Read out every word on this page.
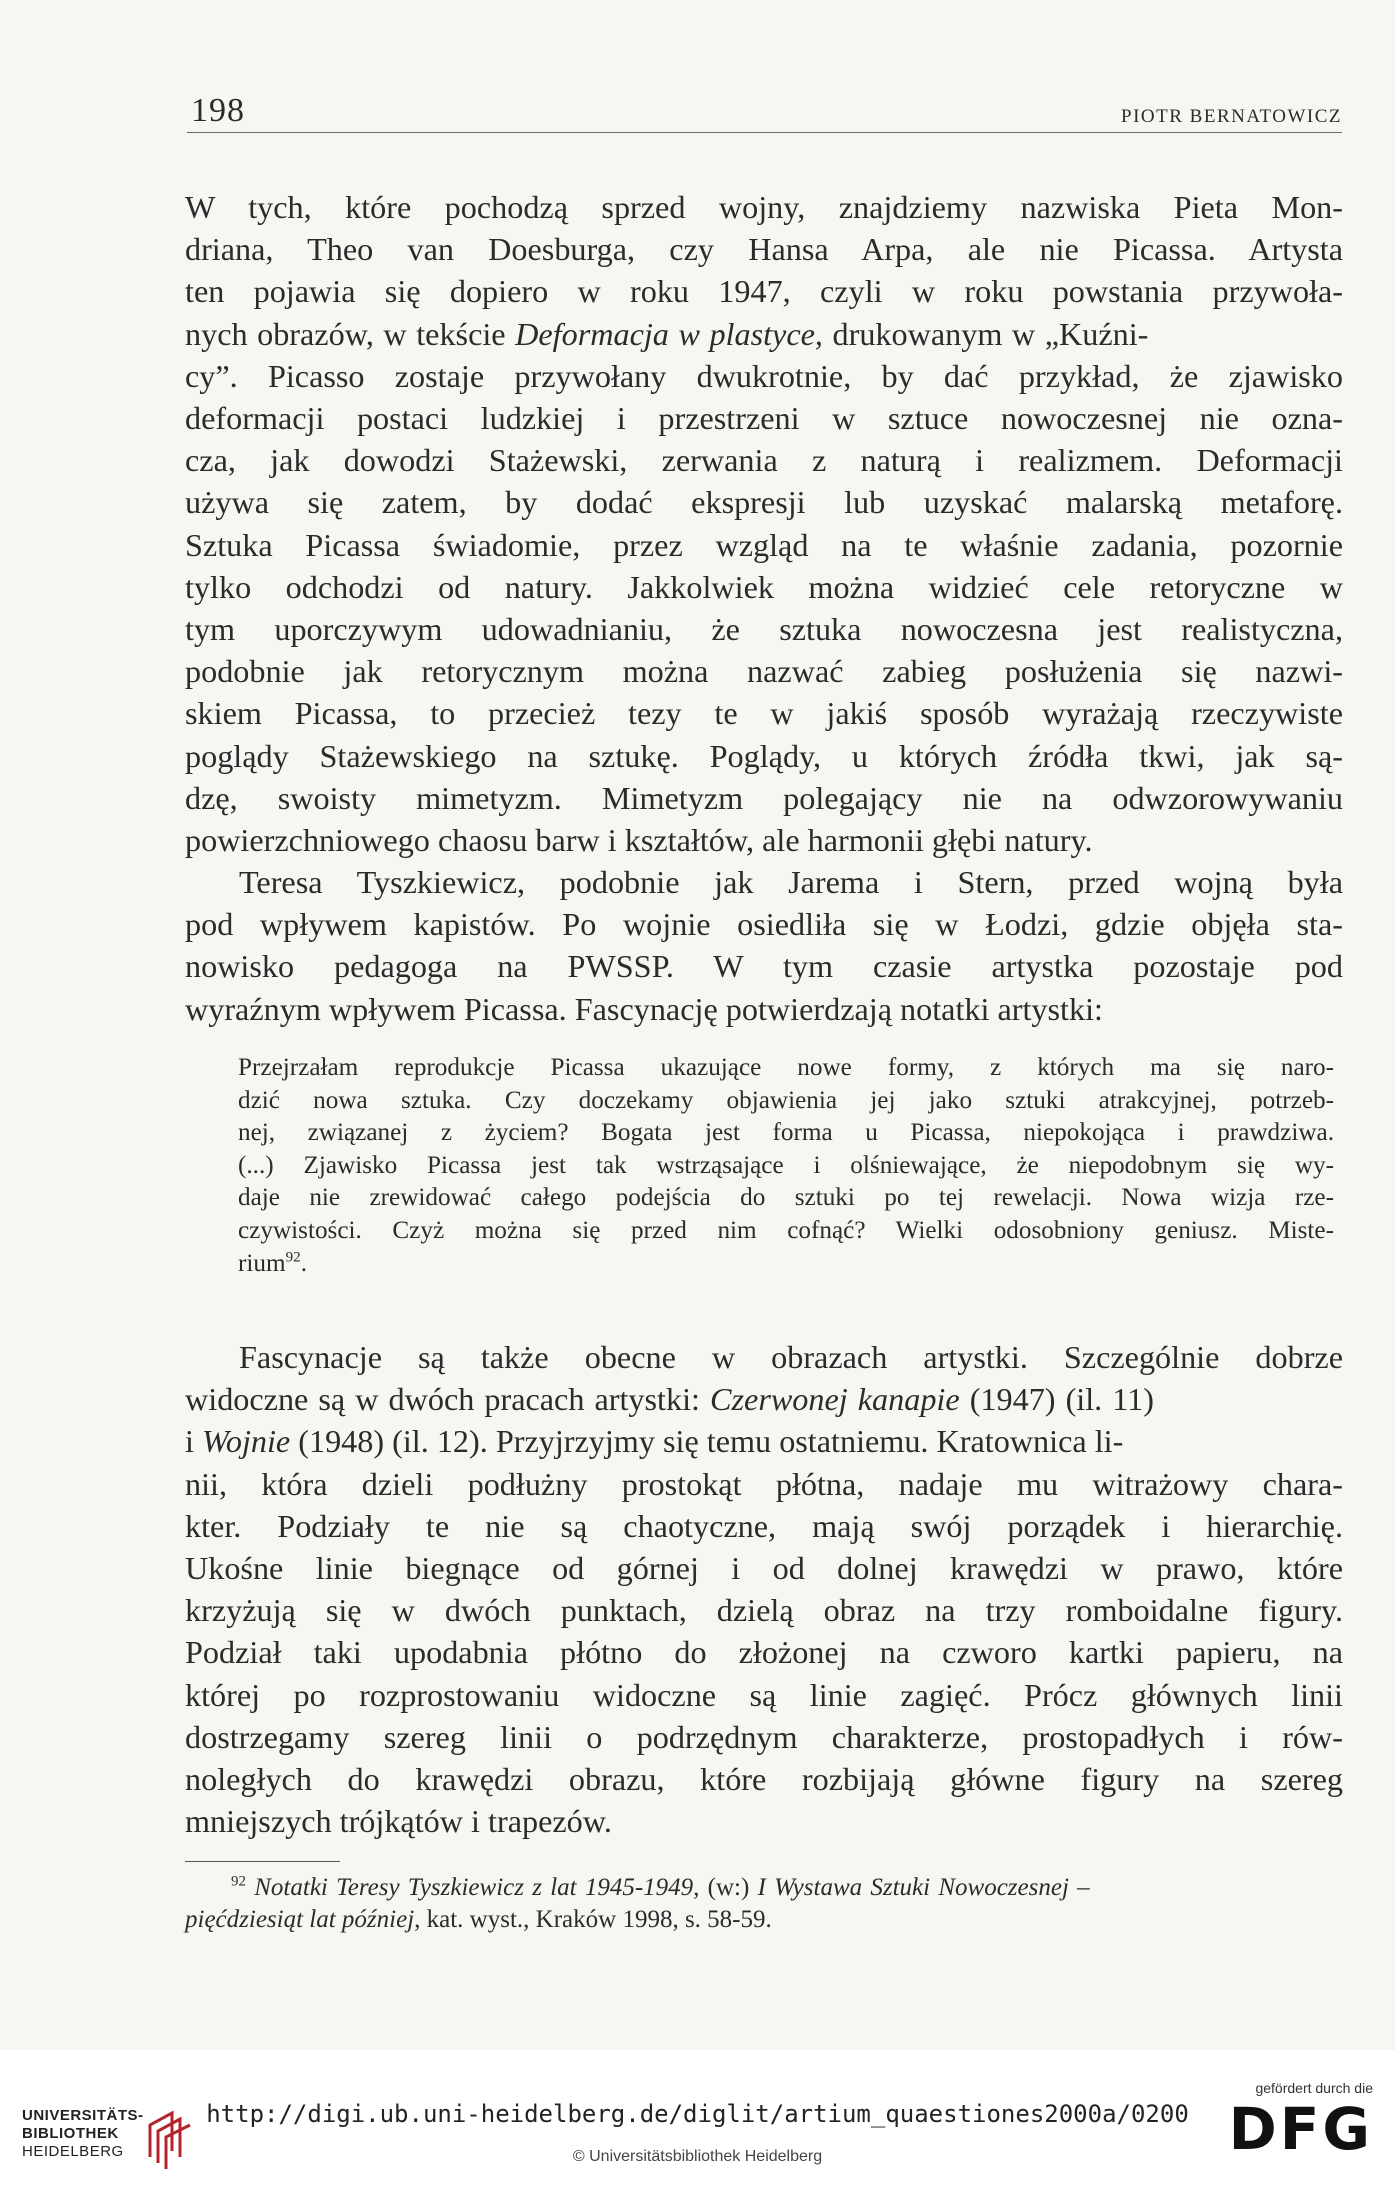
198	PIOTR BERNATOWICZ
W tych, które pochodzą sprzed wojny, znajdziemy nazwiska Pieta Mon-
driana, Theo van Doesburga, czy Hansa Arpa, ale nie Picassa. Artysta
ten pojawia się dopiero w roku 1947, czyli w roku powstania przywoła-
nych obrazów, w tekście Deformacja w plastyce, drukowanym w „Kuźni-
cy”. Picasso zostaje przywołany dwukrotnie, by dać przykład, że zjawisko
deformacji postaci ludzkiej i przestrzeni w sztuce nowoczesnej nie ozna-
cza, jak dowodzi Stażewski, zerwania z naturą i realizmem. Deformacji
używa się zatem, by dodać ekspresji lub uzyskać malarską metaforę.
Sztuka Picassa świadomie, przez wzgląd na te właśnie zadania, pozornie
tylko odchodzi od natury. Jakkolwiek można widzieć cele retoryczne w
tym uporczywym udowadnianiu, że sztuka nowoczesna jest realistyczna,
podobnie jak retorycznym można nazwać zabieg posłużenia się nazwi-
skiem Picassa, to przecież tezy te w jakiś sposób wyrażają rzeczywiste
poglądy Stażewskiego na sztukę. Poglądy, u których źródła tkwi, jak są-
dzę, swoisty mimetyzm. Mimetyzm polegający nie na odwzorowywaniu
powierzchniowego chaosu barw i kształtów, ale harmonii głębi natury.
Teresa Tyszkiewicz, podobnie jak Jarema i Stern, przed wojną była
pod wpływem kapistów. Po wojnie osiedliła się w Łodzi, gdzie objęła sta-
nowisko pedagoga na PWSSP. W tym czasie artystka pozostaje pod
wyraźnym wpływem Picassa. Fascynację potwierdzają notatki artystki:
Przejrzałam reprodukcje Picassa ukazujące nowe formy, z których ma się naro-
dzić nowa sztuka. Czy doczekamy objawienia jej jako sztuki atrakcyjnej, potrzeb-
nej, związanej z życiem? Bogata jest forma u Picassa, niepokojąca i prawdziwa.
(...) Zjawisko Picassa jest tak wstrząsające i olśniewające, że niepodobnym się wy-
daje nie zrewidować całego podejścia do sztuki po tej rewelacji. Nowa wizja rze-
czywistości. Czyż można się przed nim cofnąć? Wielki odosobniony geniusz. Miste-
rium$^{92}$.
Fascynacje są także obecne w obrazach artystki. Szczególnie dobrze
widoczne są w dwóch pracach artystki: Czerwonej kanapie (1947) (il. 11)
i Wojnie (1948) (il. 12). Przyjrzyjmy się temu ostatniemu. Kratownica li-
nii, która dzieli podłużny prostokąt płótna, nadaje mu witrażowy chara-
kter. Podziały te nie są chaotyczne, mają swój porządek i hierarchię.
Ukośne linie biegnące od górnej i od dolnej krawędzi w prawo, które
krzyżują się w dwóch punktach, dzielą obraz na trzy romboidalne figury.
Podział taki upodabnia płótno do złożonej na czworo kartki papieru, na
której po rozprostowaniu widoczne są linie zagięć. Prócz głównych linii
dostrzegamy szereg linii o podrzędnym charakterze, prostopadłych i rów-
noległych do krawędzi obrazu, które rozbijają główne figury na szereg
mniejszych trójkątów i trapezów.
$^{92}$ Notatki Teresy Tyszkiewicz z lat 1945-1949, (w:) I Wystawa Sztuki Nowoczesnej –
pięćdziesiąt lat później, kat. wyst., Kraków 1998, s. 58-59.
UNIVERSITÄTS-
BIBLIOTHEK
HEIDELBERG
http://digi.ub.uni-heidelberg.de/diglit/artium_quaestiones2000a/0200
© Universitätsbibliothek Heidelberg
gefördert durch die
DFG
